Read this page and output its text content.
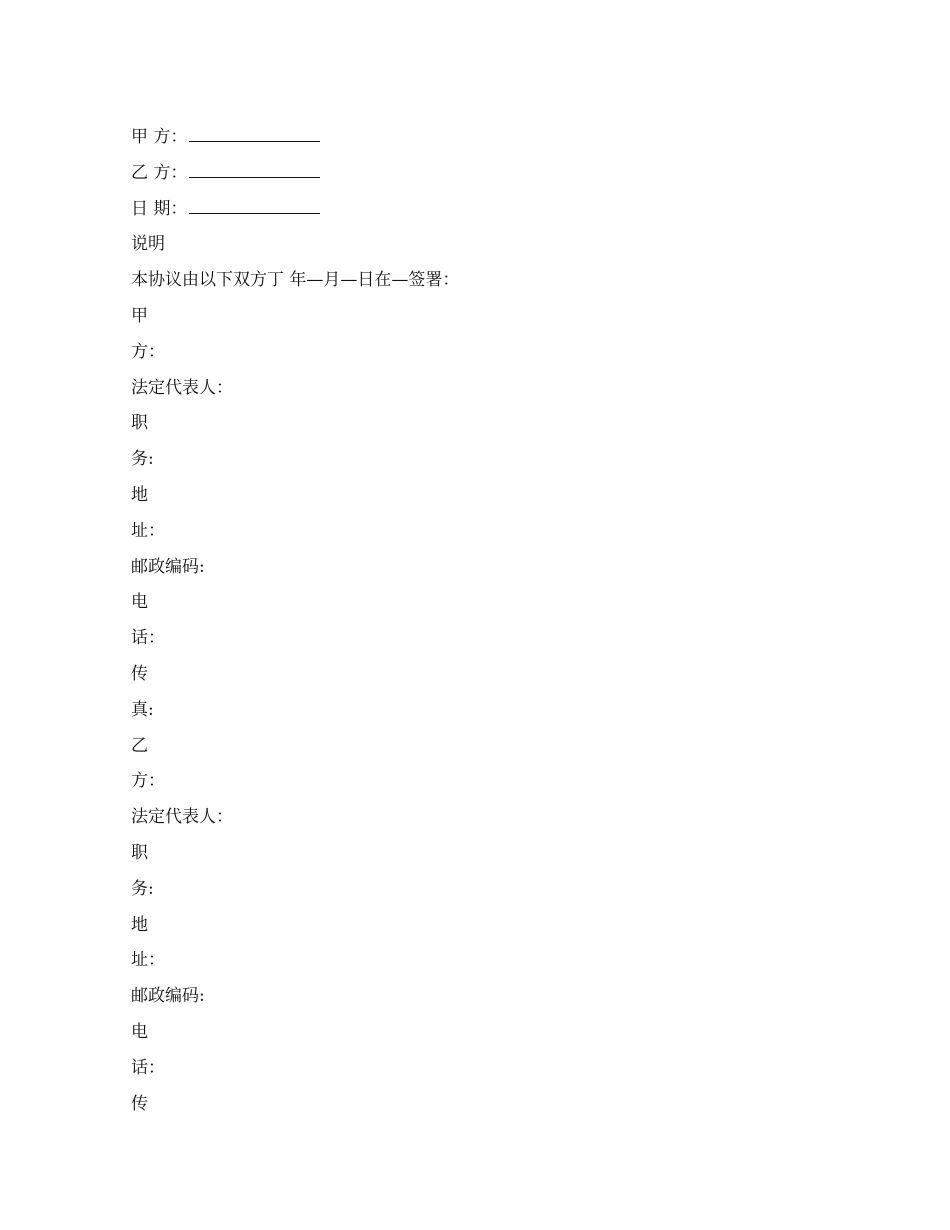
甲 方：
乙 方：
日 期：
说明
本协议由以下双方丁 年—月—日在—签署：
甲
方：
法定代表人：
职
务:
地
址：
邮政编码:
电
话：
传
真:
乙
方：
法定代表人：
职
务:
地
址：
邮政编码:
电
话：
传
